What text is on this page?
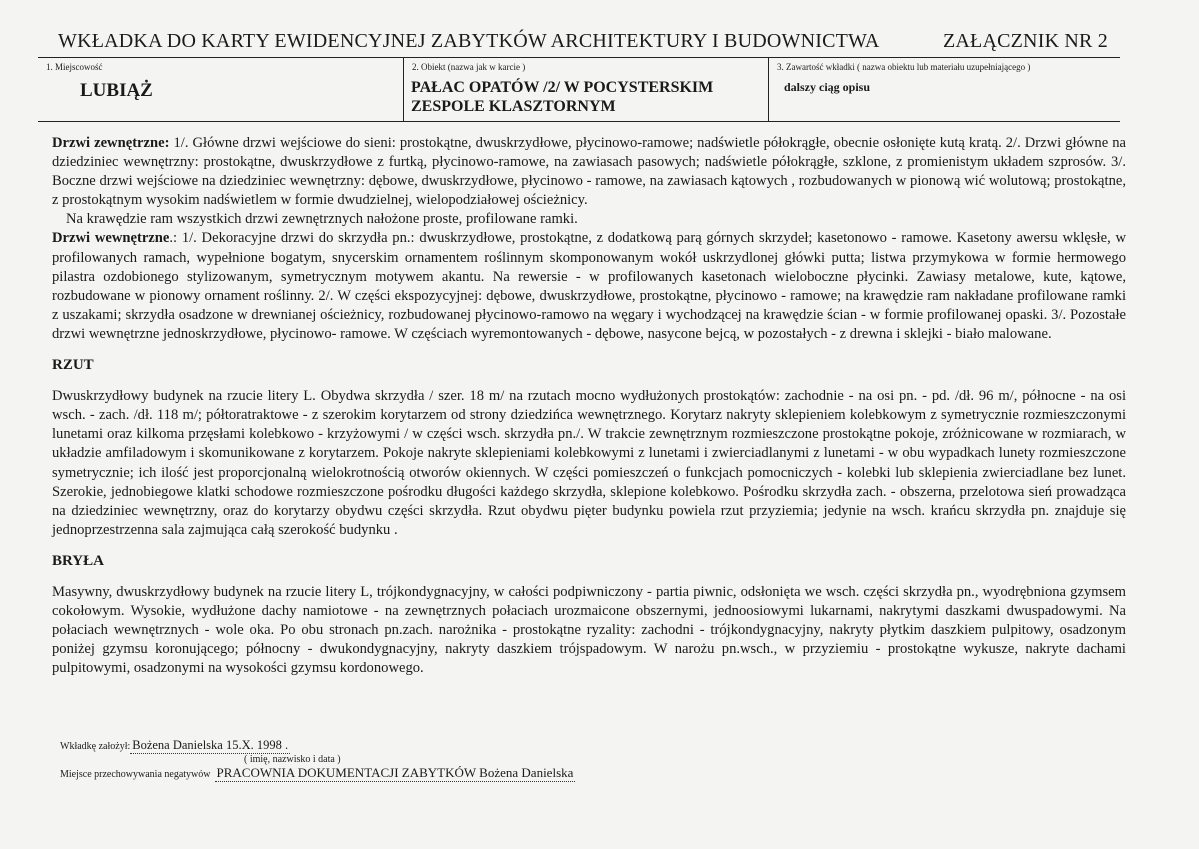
WKŁADKA DO KARTY EWIDENCYJNEJ ZABYTKÓW ARCHITEKTURY I BUDOWNICTWA	ZAŁĄCZNIK NR 2
1. Miejscowość
LUBIĄŻ
2. Obiekt (nazwa jak w karcie )
PAŁAC OPATÓW /2/ W POCYSTERSKIM ZESPOLE KLASZTORNYM
3. Zawartość wkładki ( nazwa obiektu lub materiału uzupełniającego )
dalszy ciąg opisu

Drzwi zewnętrzne: 1/. Główne drzwi wejściowe do sieni: prostokątne, dwuskrzydłowe, płycinowo-ramowe; nadświetle półokrągłe, obecnie osłonięte kutą kratą. 2/. Drzwi główne na dziedziniec wewnętrzny: prostokątne, dwuskrzydłowe z furtką, płycinowo-ramowe, na zawiasach pasowych; nadświetle półokrągłe, szklone, z promienistym układem szprosów. 3/. Boczne drzwi wejściowe na dziedziniec wewnętrzny: dębowe, dwuskrzydłowe, płycinowo - ramowe, na zawiasach kątowych , rozbudowanych w pionową wić wolutową; prostokątne, z prostokątnym wysokim nadświetlem w formie dwudzielnej, wielopodziałowej ościeżnicy.

Na krawędzie ram wszystkich drzwi zewnętrznych nałożone proste, profilowane ramki.

Drzwi wewnętrzne.: 1/. Dekoracyjne drzwi do skrzydła pn.: dwuskrzydłowe, prostokątne, z dodatkową parą górnych skrzydeł; kasetonowo - ramowe. Kasetony awersu wklęsłe, w profilowanych ramach, wypełnione bogatym, snycerskim ornamentem roślinnym skomponowanym wokół uskrzydlonej główki putta; listwa przymykowa w formie hermowego pilastra ozdobionego stylizowanym, symetrycznym motywem akantu. Na rewersie - w profilowanych kasetonach wieloboczne płycinki. Zawiasy metalowe, kute, kątowe, rozbudowane w pionowy ornament roślinny. 2/. W części ekspozycyjnej: dębowe, dwuskrzydłowe, prostokątne, płycinowo - ramowe; na krawędzie ram nakładane profilowane ramki z uszakami; skrzydła osadzone w drewnianej ościeżnicy, rozbudowanej płycinowo-ramowo na węgary i wychodzącej na krawędzie ścian - w formie profilowanej opaski. 3/. Pozostałe drzwi wewnętrzne jednoskrzydłowe, płycinowo- ramowe. W częściach wyremontowanych - dębowe, nasycone bejcą, w pozostałych - z drewna i sklejki - biało malowane.

RZUT

Dwuskrzydłowy budynek na rzucie litery L. Obydwa skrzydła / szer. 18 m/ na rzutach mocno wydłużonych prostokątów: zachodnie - na osi pn. - pd. /dł. 96 m/, północne - na osi wsch. - zach. /dł. 118 m/; półtoratraktowe - z szerokim korytarzem od strony dziedzińca wewnętrznego. Korytarz nakryty sklepieniem kolebkowym z symetrycznie rozmieszczonymi lunetami oraz kilkoma przęsłami kolebkowo - krzyżowymi / w części wsch. skrzydła pn./. W trakcie zewnętrznym rozmieszczone prostokątne pokoje, zróżnicowane w rozmiarach, w układzie amfiladowym i skomunikowane z korytarzem. Pokoje nakryte sklepieniami kolebkowymi z lunetami i zwierciadlanymi z lunetami - w obu wypadkach lunety rozmieszczone symetrycznie; ich ilość jest proporcjonalną wielokrotnością otworów okiennych. W części pomieszczeń o funkcjach pomocniczych - kolebki lub sklepienia zwierciadlane bez lunet. Szerokie, jednobiegowe klatki schodowe rozmieszczone pośrodku długości każdego skrzydła, sklepione kolebkowo. Pośrodku skrzydła zach. - obszerna, przelotowa sień prowadząca na dziedziniec wewnętrzny, oraz do korytarzy obydwu części skrzydła. Rzut obydwu pięter budynku powiela rzut przyziemia; jedynie na wsch. krańcu skrzydła pn. znajduje się jednoprzestrzenna sala zajmująca całą szerokość budynku .

BRYŁA

Masywny, dwuskrzydłowy budynek na rzucie litery L, trójkondygnacyjny, w całości podpiwniczony - partia piwnic, odsłonięta we wsch. części skrzydła pn., wyodrębniona gzymsem cokołowym. Wysokie, wydłużone dachy namiotowe - na zewnętrznych połaciach urozmaicone obszernymi, jednoosiowymi lukarnami, nakrytymi daszkami dwuspadowymi. Na połaciach wewnętrznych - wole oka. Po obu stronach pn.zach. narożnika - prostokątne ryzality: zachodni - trójkondygnacyjny, nakryty płytkim daszkiem pulpitowy, osadzonym poniżej gzymsu koronującego; północny - dwukondygnacyjny, nakryty daszkiem trójspadowym. W narożu pn.wsch., w przyziemiu - prostokątne wykusze, nakryte dachami pulpitowymi, osadzonymi na wysokości gzymsu kordonowego.

Wkładkę założył: Bożena Danielska 15.X. 1998 .
( imię, nazwisko i data )
Miejsce przechowywania negatywów PRACOWNIA DOKUMENTACJI ZABYTKÓW Bożena Danielska
